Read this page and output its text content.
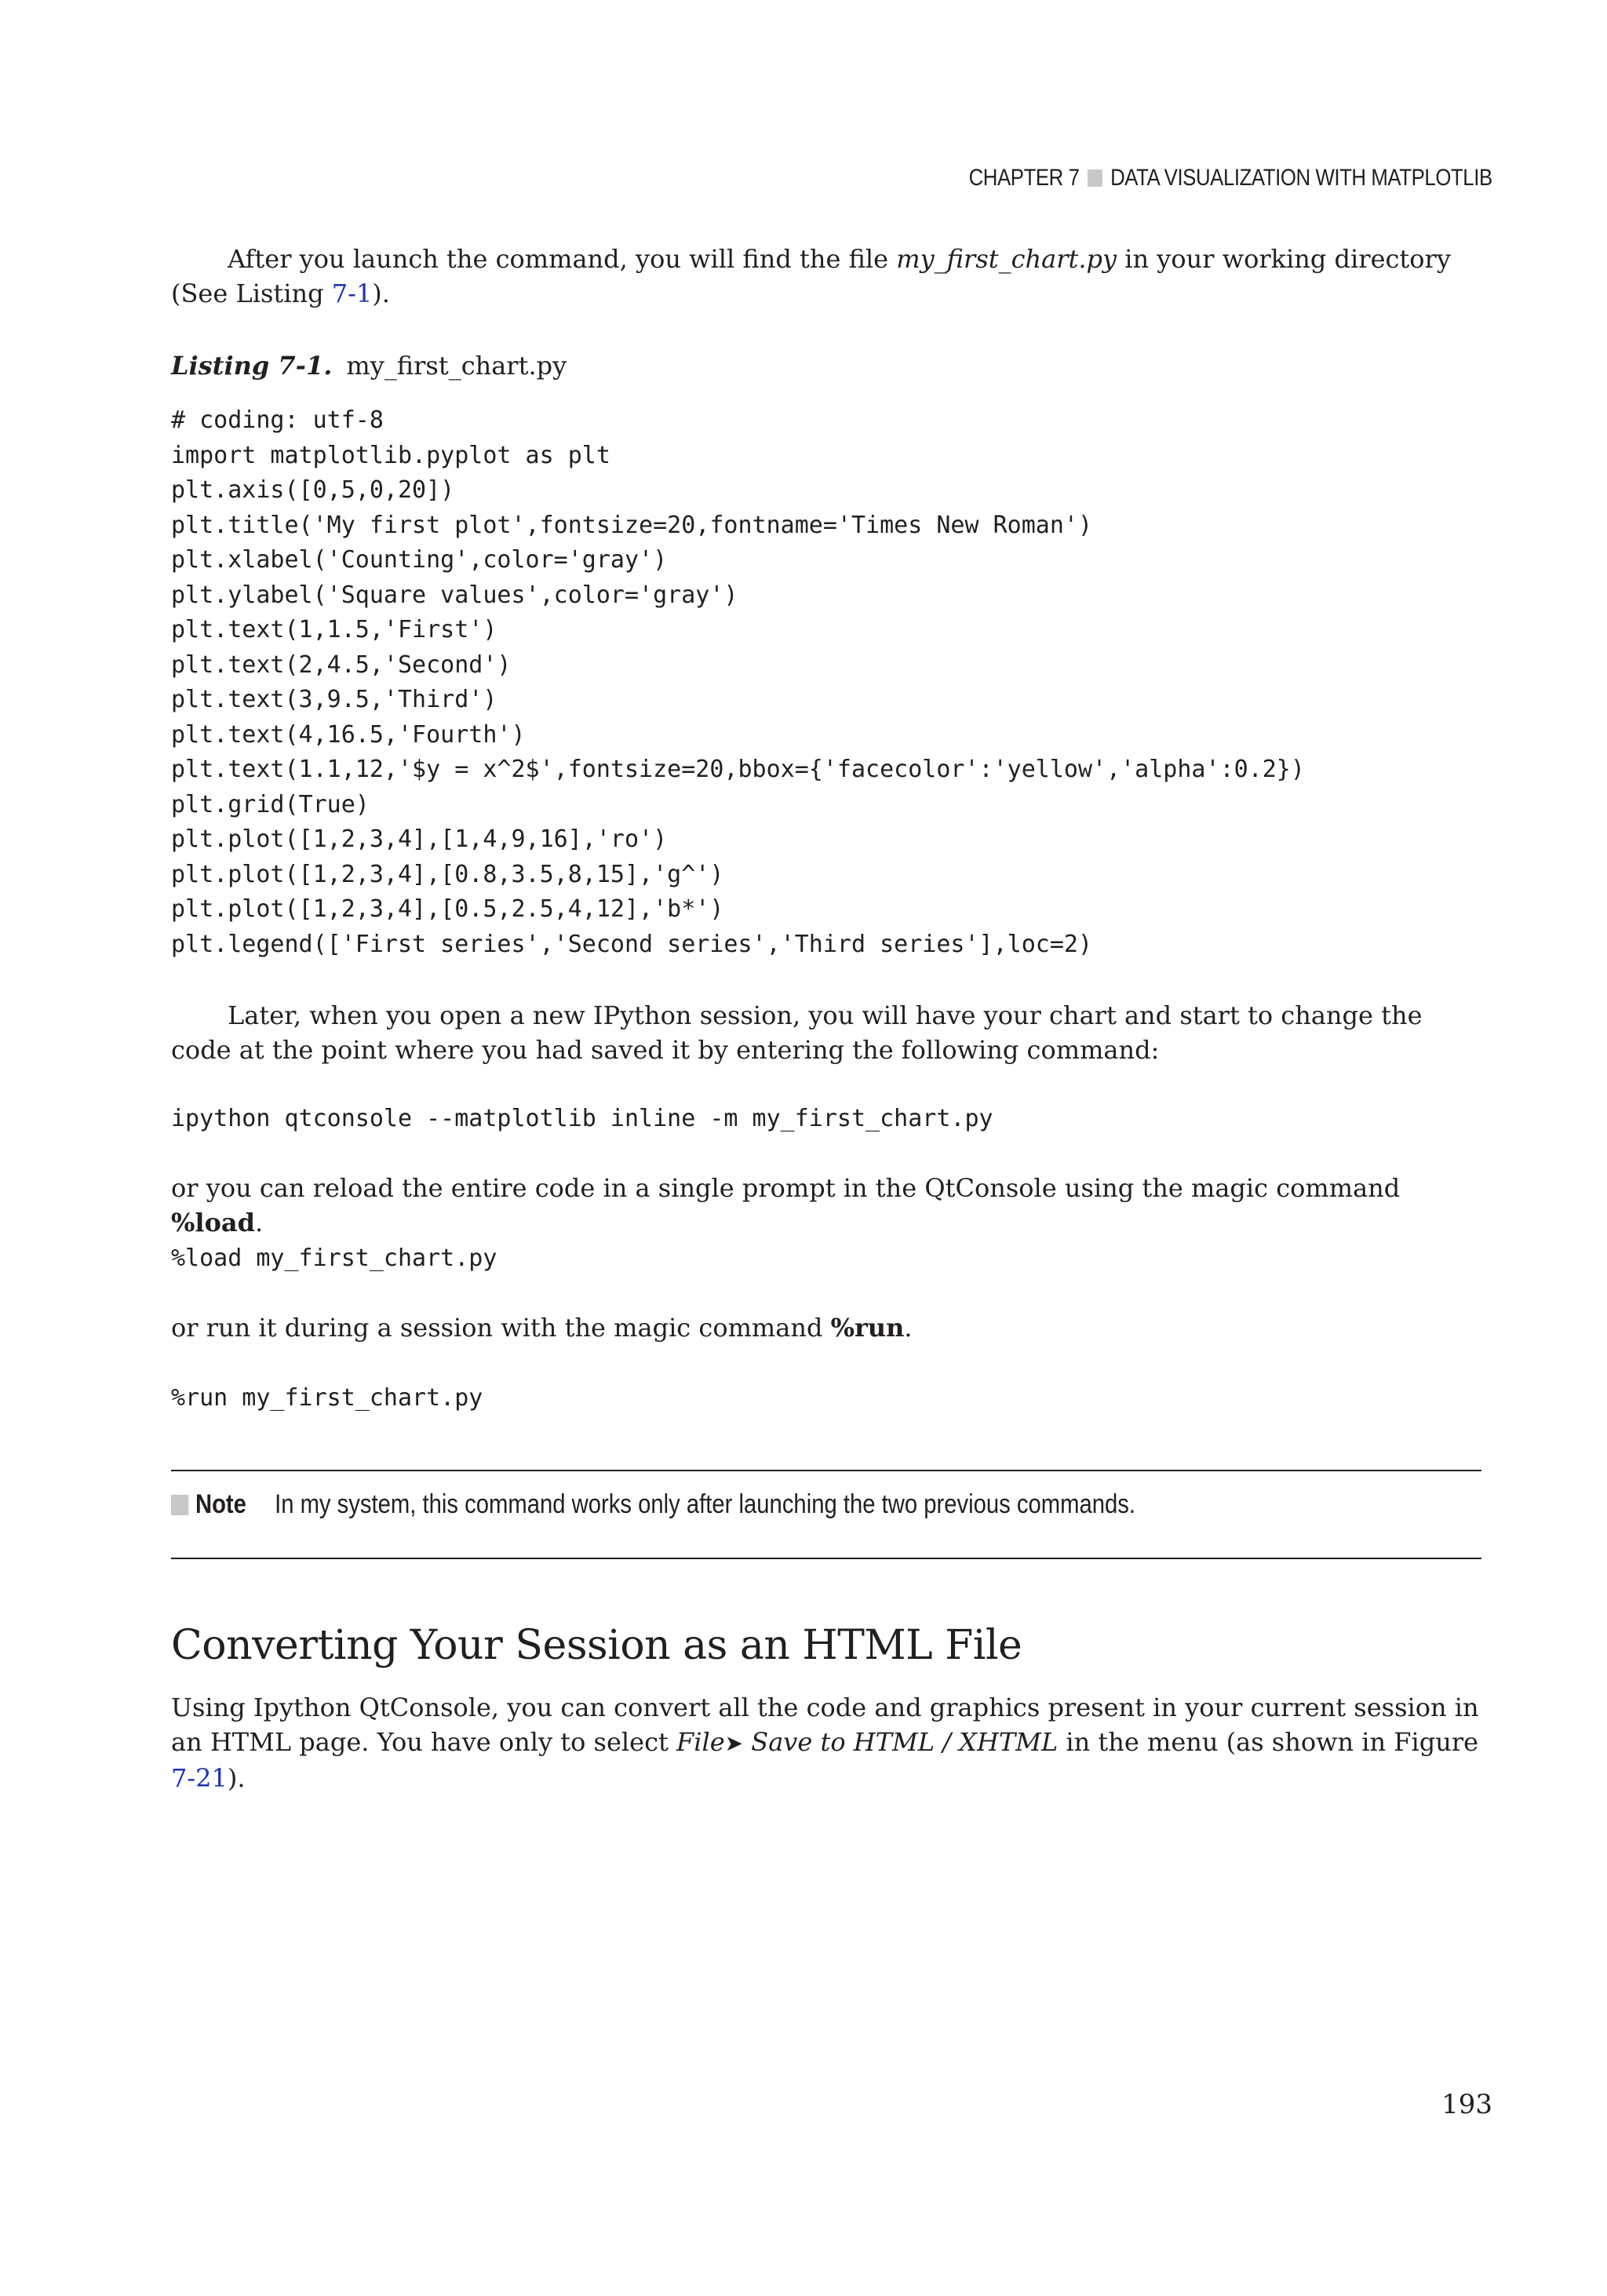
CHAPTER 7 DATA VISUALIZATION WITH MATPLOTLIB

After you launch the command, you will find the file my_first_chart.py in your working directory (See Listing 7-1).

Listing 7-1. my_first_chart.py
# coding: utf-8
import matplotlib.pyplot as plt
plt.axis([0,5,0,20])
plt.title('My first plot',fontsize=20,fontname='Times New Roman')
plt.xlabel('Counting',color='gray')
plt.ylabel('Square values',color='gray')
plt.text(1,1.5,'First')
plt.text(2,4.5,'Second')
plt.text(3,9.5,'Third')
plt.text(4,16.5,'Fourth')
plt.text(1.1,12,'$y = x^2$',fontsize=20,bbox={'facecolor':'yellow','alpha':0.2})
plt.grid(True)
plt.plot([1,2,3,4],[1,4,9,16],'ro')
plt.plot([1,2,3,4],[0.8,3.5,8,15],'g^')
plt.plot([1,2,3,4],[0.5,2.5,4,12],'b*')
plt.legend(['First series','Second series','Third series'],loc=2)

Later, when you open a new IPython session, you will have your chart and start to change the code at the point where you had saved it by entering the following command:

ipython qtconsole --matplotlib inline -m my_first_chart.py

or you can reload the entire code in a single prompt in the QtConsole using the magic command %load.

%load my_first_chart.py

or run it during a session with the magic command %run.

%run my_first_chart.py
Note In my system, this command works only after launching the two previous commands.
Converting Your Session as an HTML File

Using Ipython QtConsole, you can convert all the code and graphics present in your current session in an HTML page. You have only to select File➤ Save to HTML / XHTML in the menu (as shown in Figure 7-21).

193
